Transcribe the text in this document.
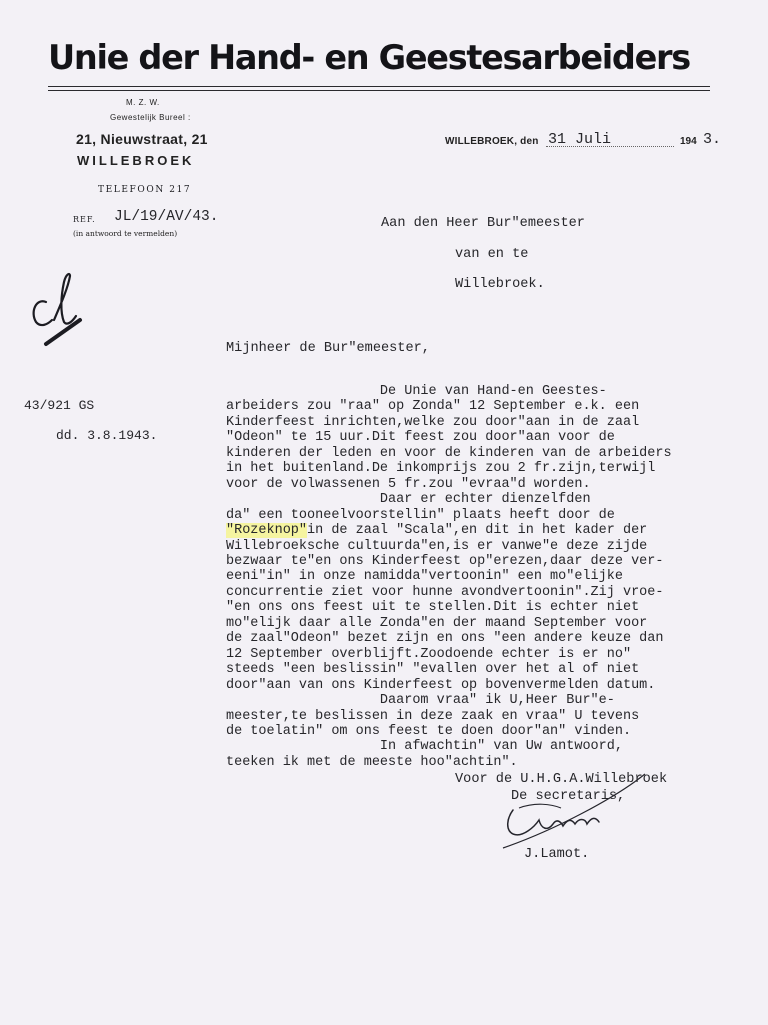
Unie der Hand- en Geestesarbeiders
M. Z. W.
Gewestelijk Bureel :
21, Nieuwstraat, 21
WILLEBROEK
TELEFOON 217
REF. JL/19/AV/43.
(in antwoord te vermelden)
WILLEBROEK, den 31 Juli	194 3.
43/921 GS
dd. 3.8.1943.
Aan den Heer Bur"emeester
van en te
Willebroek.
Mijnheer de Bur"emeester,
De Unie van Hand-en Geestes-
arbeiders zou "raa" op Zonda" 12 September e.k. een
Kinderfeest inrichten,welke zou door"aan in de zaal
"Odeon" te 15 uur.Dit feest zou door"aan voor de
kinderen der leden en voor de kinderen van de arbeiders
in het buitenland.De inkomprijs zou 2 fr.zijn,terwijl
voor de volwassenen 5 fr.zou "evraa"d worden.
Daar er echter dienzelfden
da" een tooneelvoorstellin" plaats heeft door de
"Rozeknop"in de zaal "Scala",en dit in het kader der
Willebroeksche cultuurda"en,is er vanwe"e deze zijde
bezwaar te"en ons Kinderfeest op"erezen,daar deze ver-
eeni"in" in onze namidda"vertoonin" een mo"elijke
concurrentie ziet voor hunne avondvertoonin".Zij vroe-
"en ons ons feest uit te stellen.Dit is echter niet
mo"elijk daar alle Zonda"en der maand September voor
de zaal"Odeon" bezet zijn en ons "een andere keuze dan
12 September overblijft.Zoodoende echter is er no"
steeds "een beslissin" "evallen over het al of niet
door"aan van ons Kinderfeest op bovenvermelden datum.
Daarom vraa" ik U,Heer Bur"e-
meester,te beslissen in deze zaak en vraa" U tevens
de toelatin" om ons feest te doen door"an" vinden.
In afwachtin" van Uw antwoord,
teeken ik met de meeste hoo"achtin".
Voor de U.H.G.A.Willebroek
De secretaris,
J.Lamot.
